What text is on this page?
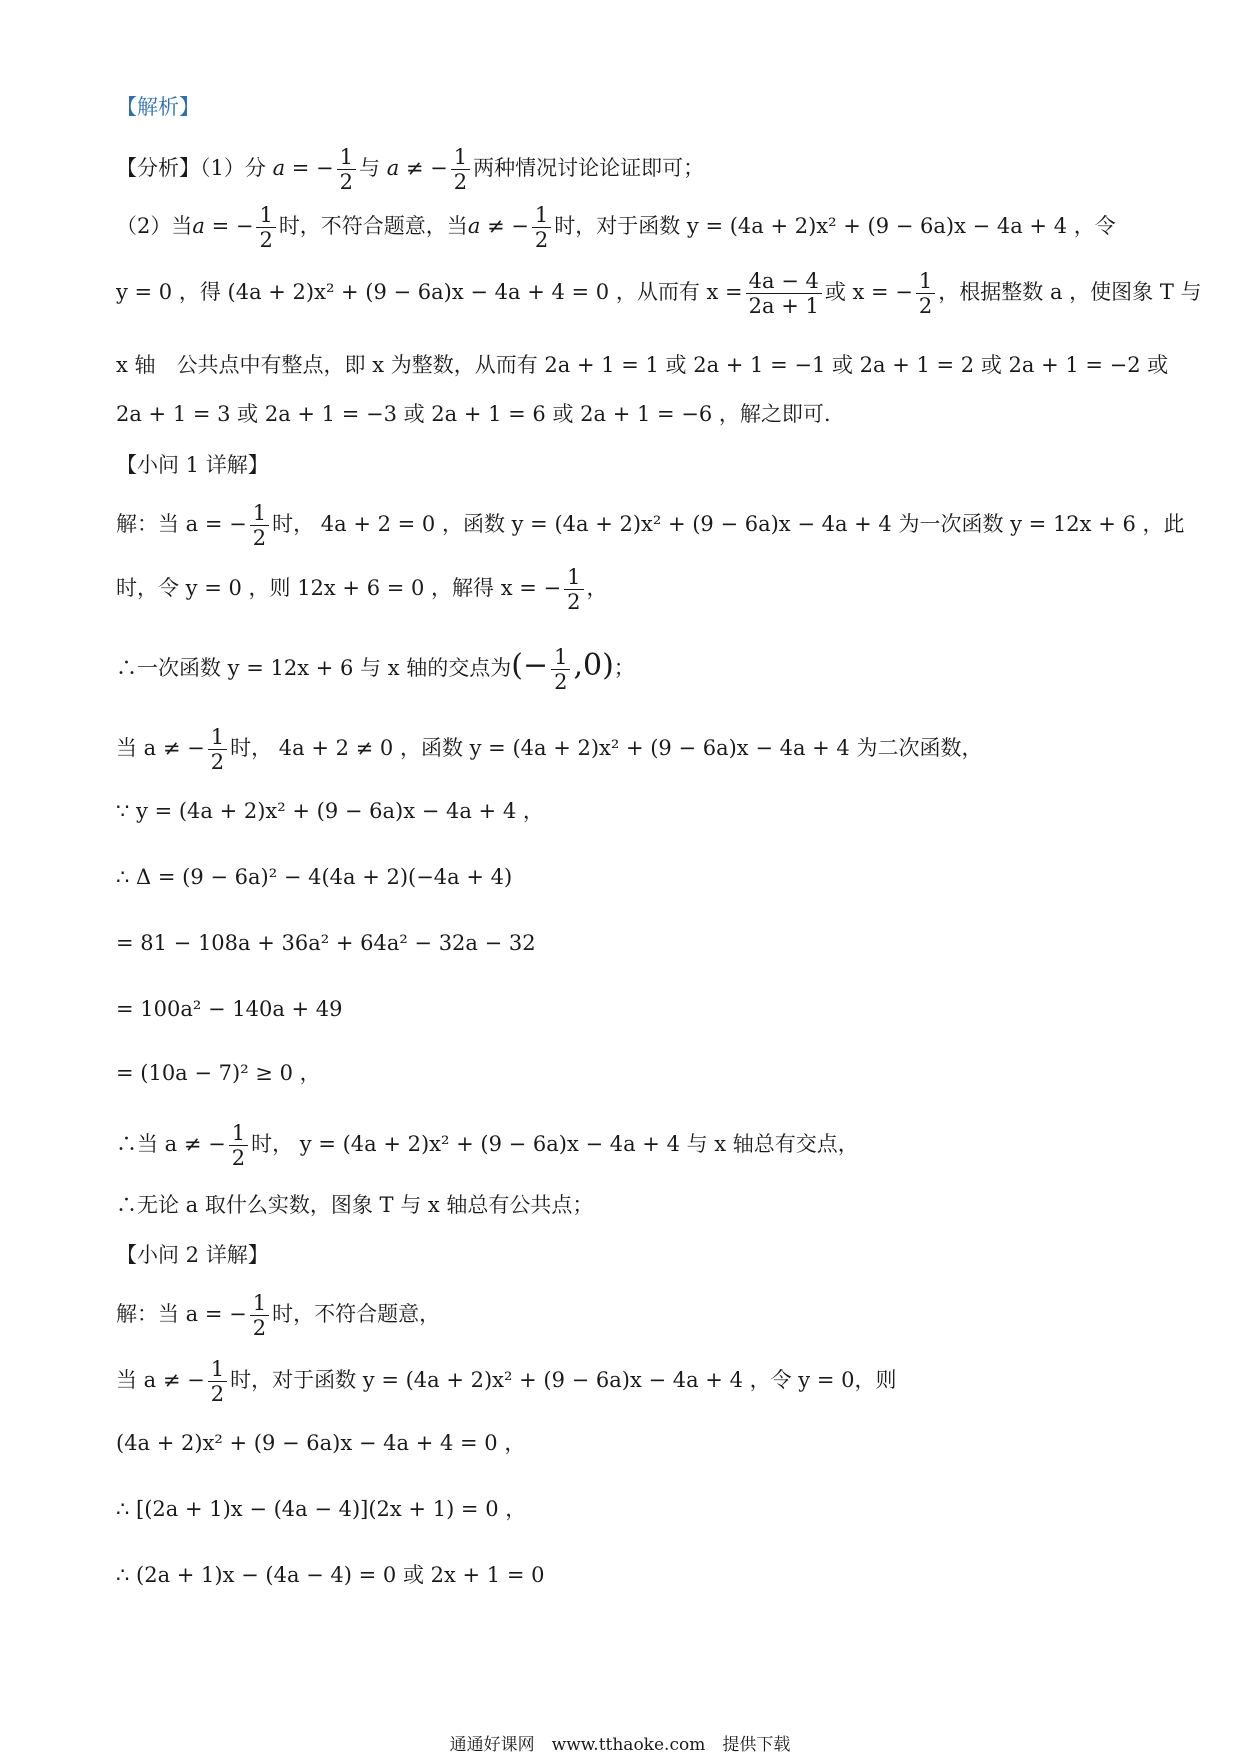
【解析】
【分析】（1）分 a = − $\frac{1}{2}$ 与 a ≠ − $\frac{1}{2}$ 两种情况讨论论证即可；
（2）当a = − $\frac{1}{2}$ 时，不符合题意，当a ≠ − $\frac{1}{2}$ 时，对于函数 y = (4a + 2)x² + (9 − 6a)x − 4a + 4 ，令
y = 0 ，得 (4a + 2)x² + (9 − 6a)x − 4a + 4 = 0 ，从而有 $x = \frac{4a - 4}{2a + 1}$ 或 x = − $\frac{1}{2}$ ，根据整数 a ，使图象 T 与
x 轴　公共点中有整点，即 x 为整数，从而有 2a + 1 = 1 或 2a + 1 = −1 或 2a + 1 = 2 或 2a + 1 = −2 或
2a + 1 = 3 或 2a + 1 = −3 或 2a + 1 = 6 或 2a + 1 = −6 ，解之即可.
【小问 1 详解】
解：当 a = − $\frac{1}{2}$ 时， 4a + 2 = 0 ，函数 y = (4a + 2)x² + (9 − 6a)x − 4a + 4 为一次函数 y = 12x + 6 ，此
时，令 y = 0 ，则 12x + 6 = 0 ，解得 x = − $\frac{1}{2}$ ，
∴一次函数 y = 12x + 6 与 x 轴的交点为(− $\frac{1}{2} ,0$)；
当 a ≠ − $\frac{1}{2}$ 时， 4a + 2 ≠ 0 ，函数 y = (4a + 2)x² + (9 − 6a)x − 4a + 4 为二次函数，
∵ y = (4a + 2)x² + (9 − 6a)x − 4a + 4 ，
∴ Δ = (9 − 6a)² − 4(4a + 2)(−4a + 4)
= 81 − 108a + 36a² + 64a² − 32a − 32
= 100a² − 140a + 49
= (10a − 7)² ≥ 0 ，
∴当 a ≠ − $\frac{1}{2}$ 时， y = (4a + 2)x² + (9 − 6a)x − 4a + 4 与 x 轴总有交点，
∴无论 a 取什么实数，图象 T 与 x 轴总有公共点；
【小问 2 详解】
解：当 a = − $\frac{1}{2}$ 时，不符合题意，
当 a ≠ − $\frac{1}{2}$ 时，对于函数 y = (4a + 2)x² + (9 − 6a)x − 4a + 4 ，令 y = 0，则
(4a + 2)x² + (9 − 6a)x − 4a + 4 = 0 ，
∴ [(2a + 1)x − (4a − 4)](2x + 1) = 0 ，
∴ (2a + 1)x − (4a − 4) = 0 或 2x + 1 = 0
通通好课网　www.tthaoke.com　提供下载
